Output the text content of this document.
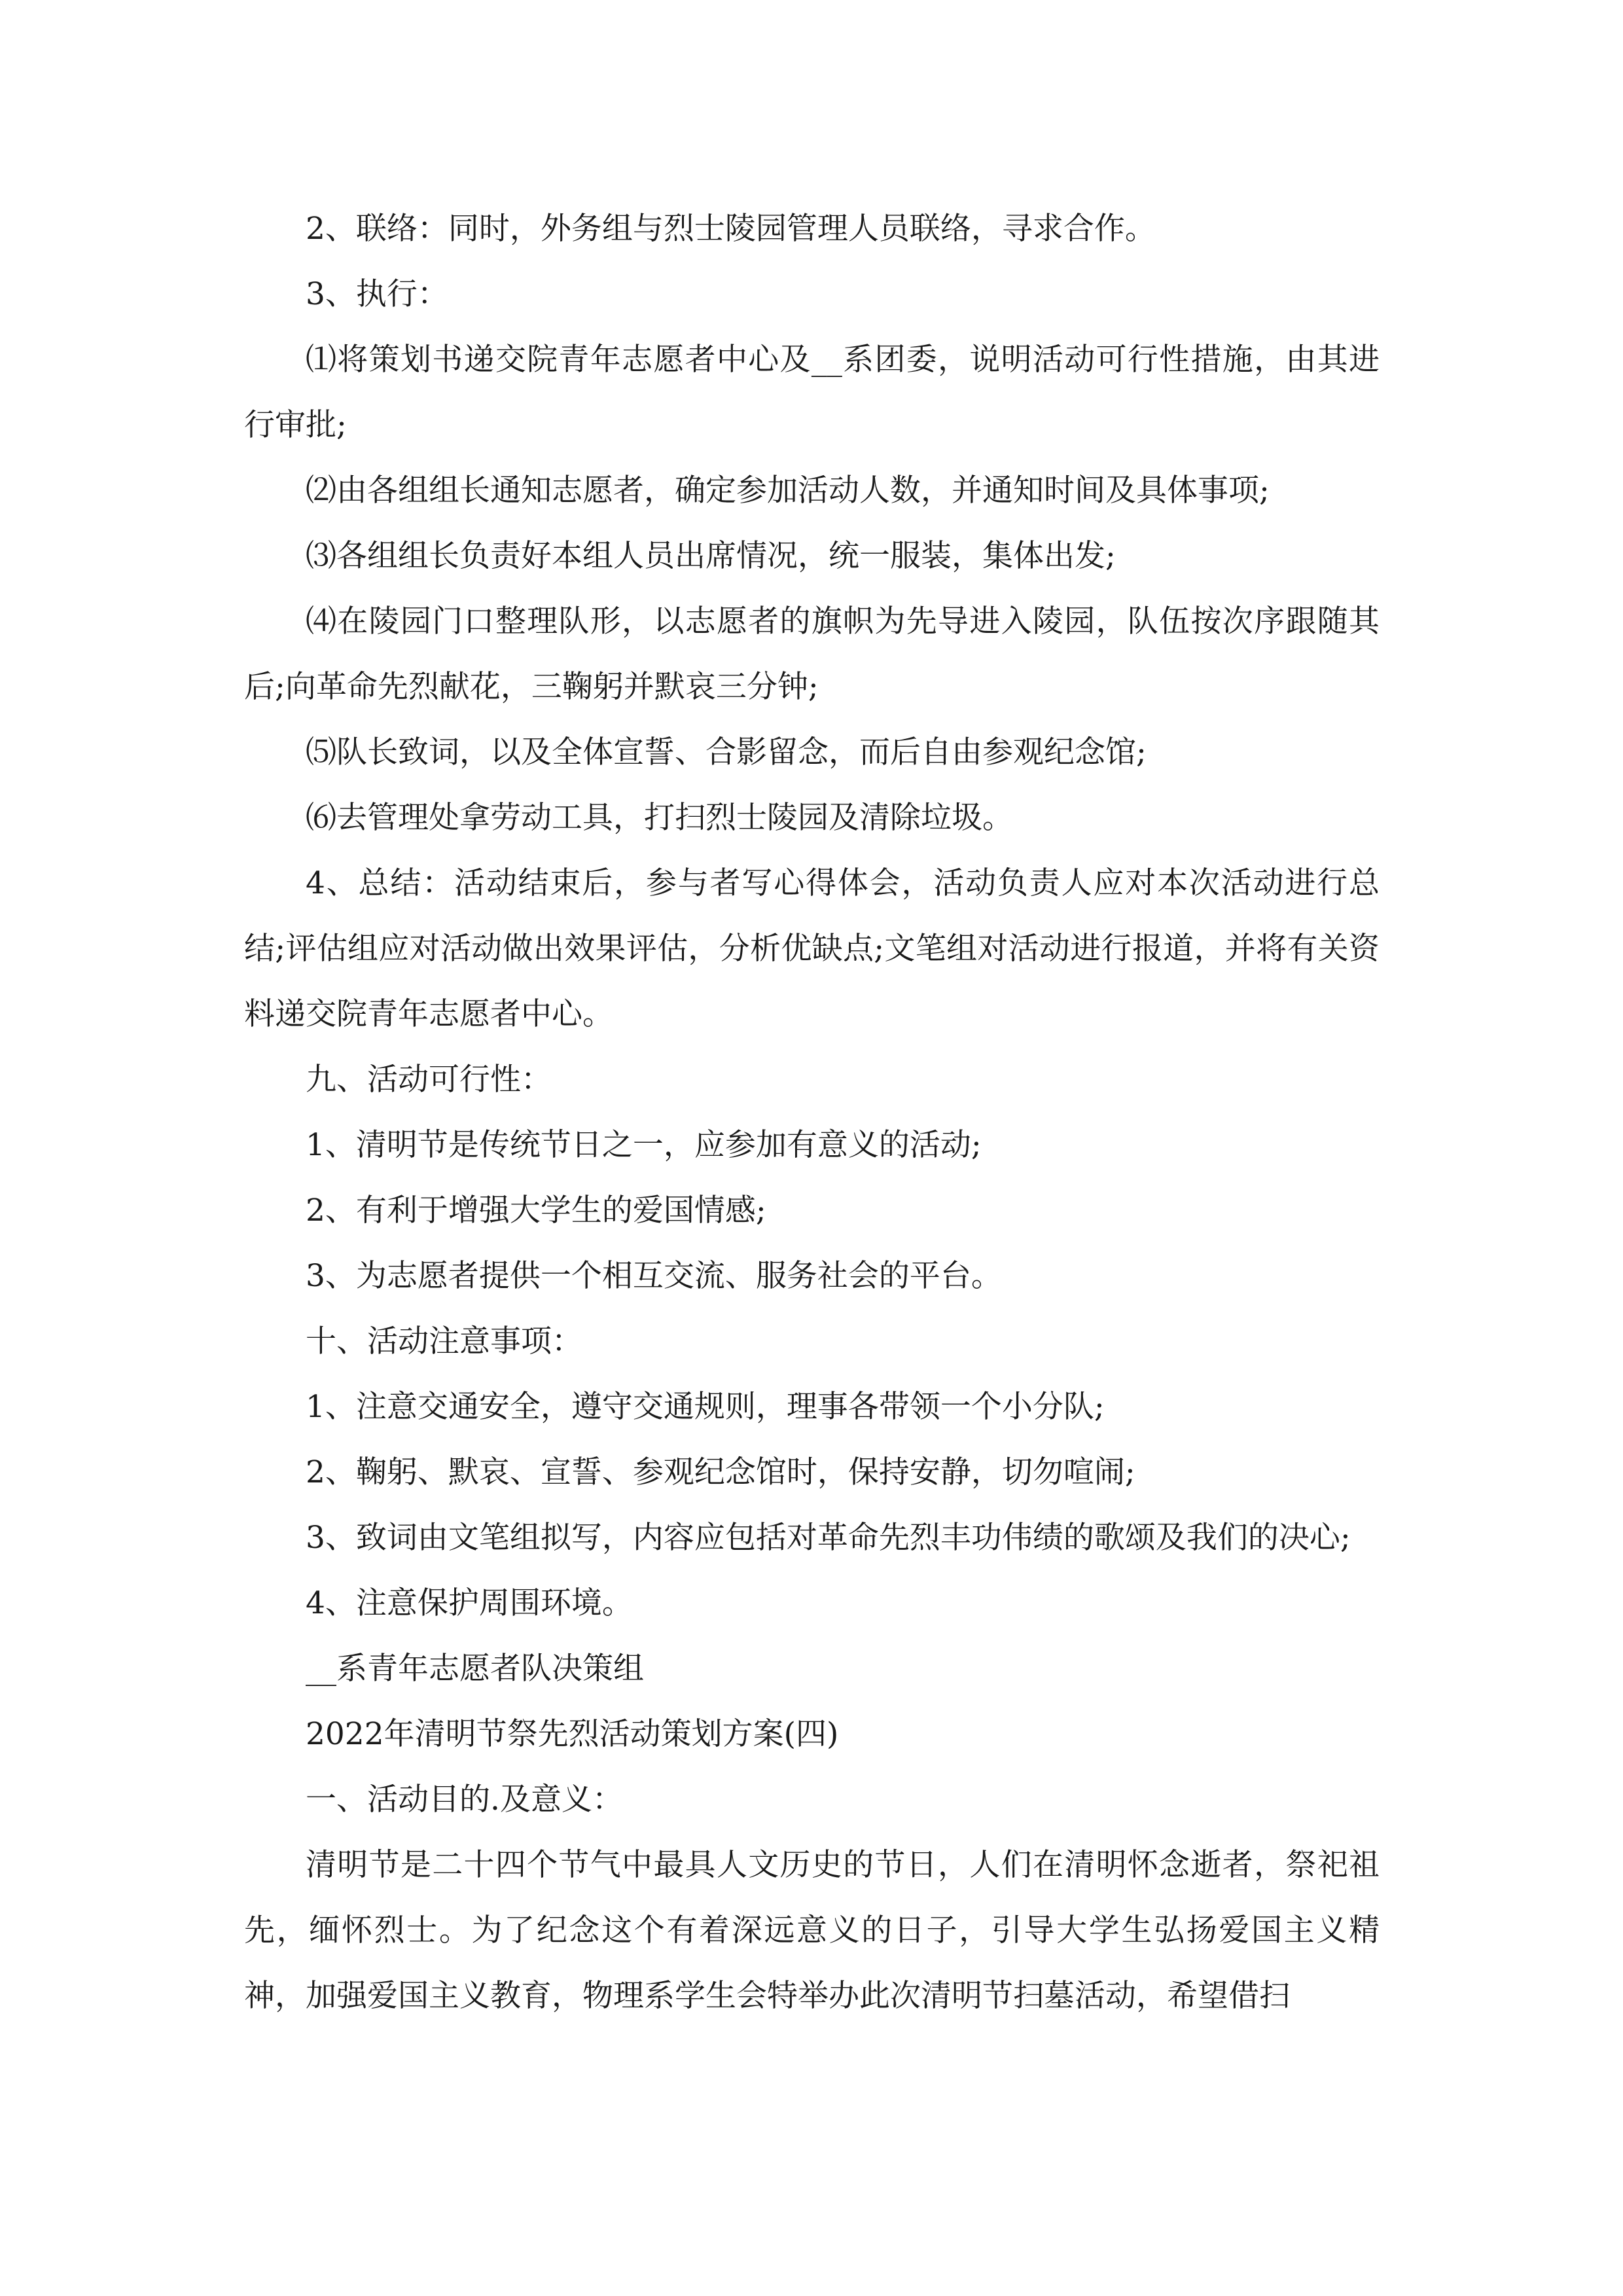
2、联络：同时，外务组与烈士陵园管理人员联络，寻求合作。

3、执行：

⑴将策划书递交院青年志愿者中心及__系团委，说明活动可行性措施，由其进行审批;

⑵由各组组长通知志愿者，确定参加活动人数，并通知时间及具体事项;

⑶各组组长负责好本组人员出席情况，统一服装，集体出发;

⑷在陵园门口整理队形，以志愿者的旗帜为先导进入陵园，队伍按次序跟随其后;向革命先烈献花，三鞠躬并默哀三分钟;

⑸队长致词，以及全体宣誓、合影留念，而后自由参观纪念馆;

⑹去管理处拿劳动工具，打扫烈士陵园及清除垃圾。

4、总结：活动结束后，参与者写心得体会，活动负责人应对本次活动进行总结;评估组应对活动做出效果评估，分析优缺点;文笔组对活动进行报道，并将有关资料递交院青年志愿者中心。

九、活动可行性：

1、清明节是传统节日之一，应参加有意义的活动;

2、有利于增强大学生的爱国情感;

3、为志愿者提供一个相互交流、服务社会的平台。

十、活动注意事项：

1、注意交通安全，遵守交通规则，理事各带领一个小分队;

2、鞠躬、默哀、宣誓、参观纪念馆时，保持安静，切勿喧闹;

3、致词由文笔组拟写，内容应包括对革命先烈丰功伟绩的歌颂及我们的决心;

4、注意保护周围环境。

__系青年志愿者队决策组

2022年清明节祭先烈活动策划方案(四)

一、活动目的.及意义：

清明节是二十四个节气中最具人文历史的节日，人们在清明怀念逝者，祭祀祖先，缅怀烈士。为了纪念这个有着深远意义的日子，引导大学生弘扬爱国主义精神，加强爱国主义教育，物理系学生会特举办此次清明节扫墓活动，希望借扫
